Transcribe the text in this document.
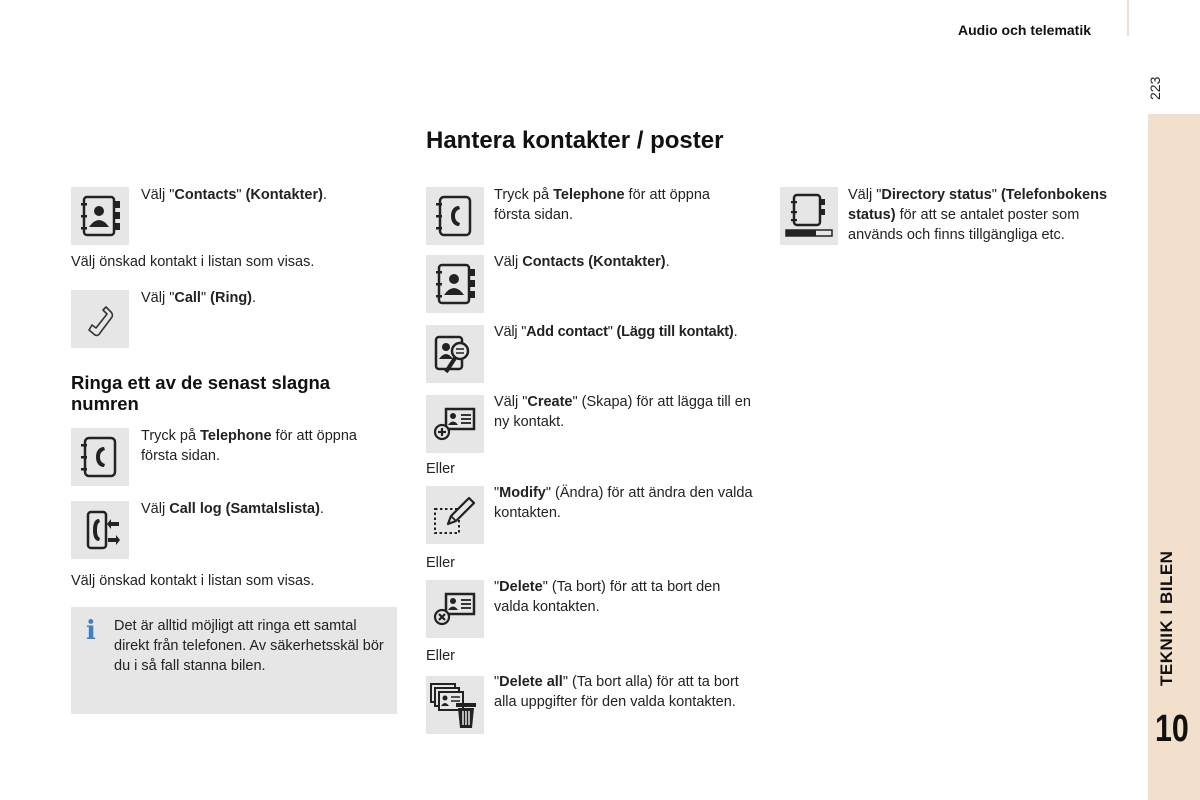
Audio och telematik
223
TEKNIK I BILEN
10
Hantera kontakter / poster
Välj "Contacts" (Kontakter).
Välj önskad kontakt i listan som visas.
Välj "Call" (Ring).
Ringa ett av de senast slagna numren
Tryck på Telephone för att öppna första sidan.
Välj Call log (Samtalslista).
Välj önskad kontakt i listan som visas.
i Det är alltid möjligt att ringa ett samtal direkt från telefonen. Av säkerhetsskäl bör du i så fall stanna bilen.
Tryck på Telephone för att öppna första sidan.
Välj Contacts (Kontakter).
Välj "Add contact" (Lägg till kontakt).
Välj "Create" (Skapa) för att lägga till en ny kontakt.
Eller
"Modify" (Ändra) för att ändra den valda kontakten.
Eller
"Delete" (Ta bort) för att ta bort den valda kontakten.
Eller
"Delete all" (Ta bort alla) för att ta bort alla uppgifter för den valda kontakten.
Välj "Directory status" (Telefonbokens status) för att se antalet poster som används och finns tillgängliga etc.
